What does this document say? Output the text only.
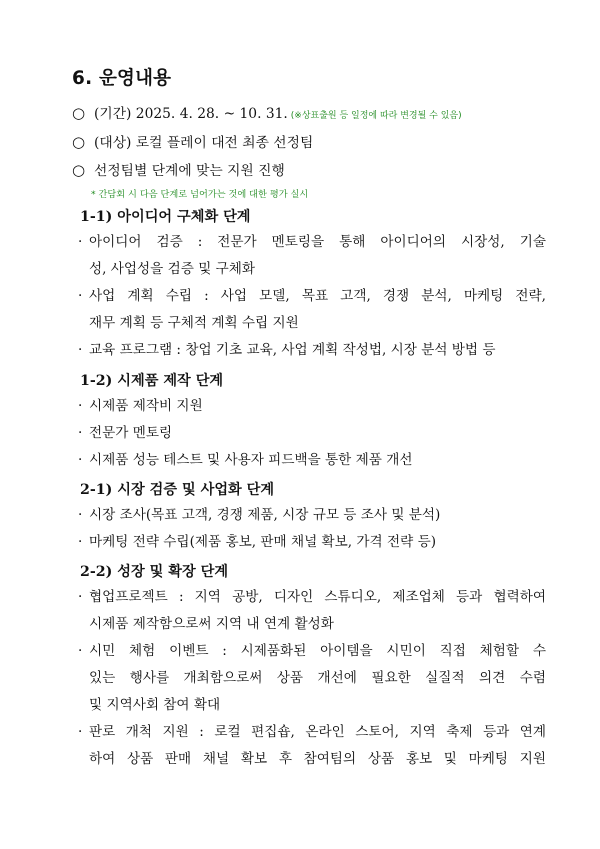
6. 운영내용
○ (기간) 2025. 4. 28. ~ 10. 31. (※상표출원 등 일정에 따라 변경될 수 있음)
○ (대상) 로컬 플레이 대전 최종 선정팀
○ 선정팀별 단계에 맞는 지원 진행
* 간담회 시 다음 단계로 넘어가는 것에 대한 평가 실시
1-1) 아이디어 구체화 단계
· 아이디어 검증 : 전문가 멘토링을 통해 아이디어의 시장성, 기술
성, 사업성을 검증 및 구체화
· 사업 계획 수립 : 사업 모델, 목표 고객, 경쟁 분석, 마케팅 전략,
재무 계획 등 구체적 계획 수립 지원
· 교육 프로그램 : 창업 기초 교육, 사업 계획 작성법, 시장 분석 방법 등
1-2) 시제품 제작 단계
· 시제품 제작비 지원
· 전문가 멘토링
· 시제품 성능 테스트 및 사용자 피드백을 통한 제품 개선
2-1) 시장 검증 및 사업화 단계
· 시장 조사(목표 고객, 경쟁 제품, 시장 규모 등 조사 및 분석)
· 마케팅 전략 수립(제품 홍보, 판매 채널 확보, 가격 전략 등)
2-2) 성장 및 확장 단계
· 협업프로젝트 : 지역 공방, 디자인 스튜디오, 제조업체 등과 협력하여
시제품 제작함으로써 지역 내 연계 활성화
· 시민 체험 이벤트 : 시제품화된 아이템을 시민이 직접 체험할 수
있는 행사를 개최함으로써 상품 개선에 필요한 실질적 의견 수렴
및 지역사회 참여 확대
· 판로 개척 지원 : 로컬 편집숍, 온라인 스토어, 지역 축제 등과 연계
하여 상품 판매 채널 확보 후 참여팀의 상품 홍보 및 마케팅 지원
